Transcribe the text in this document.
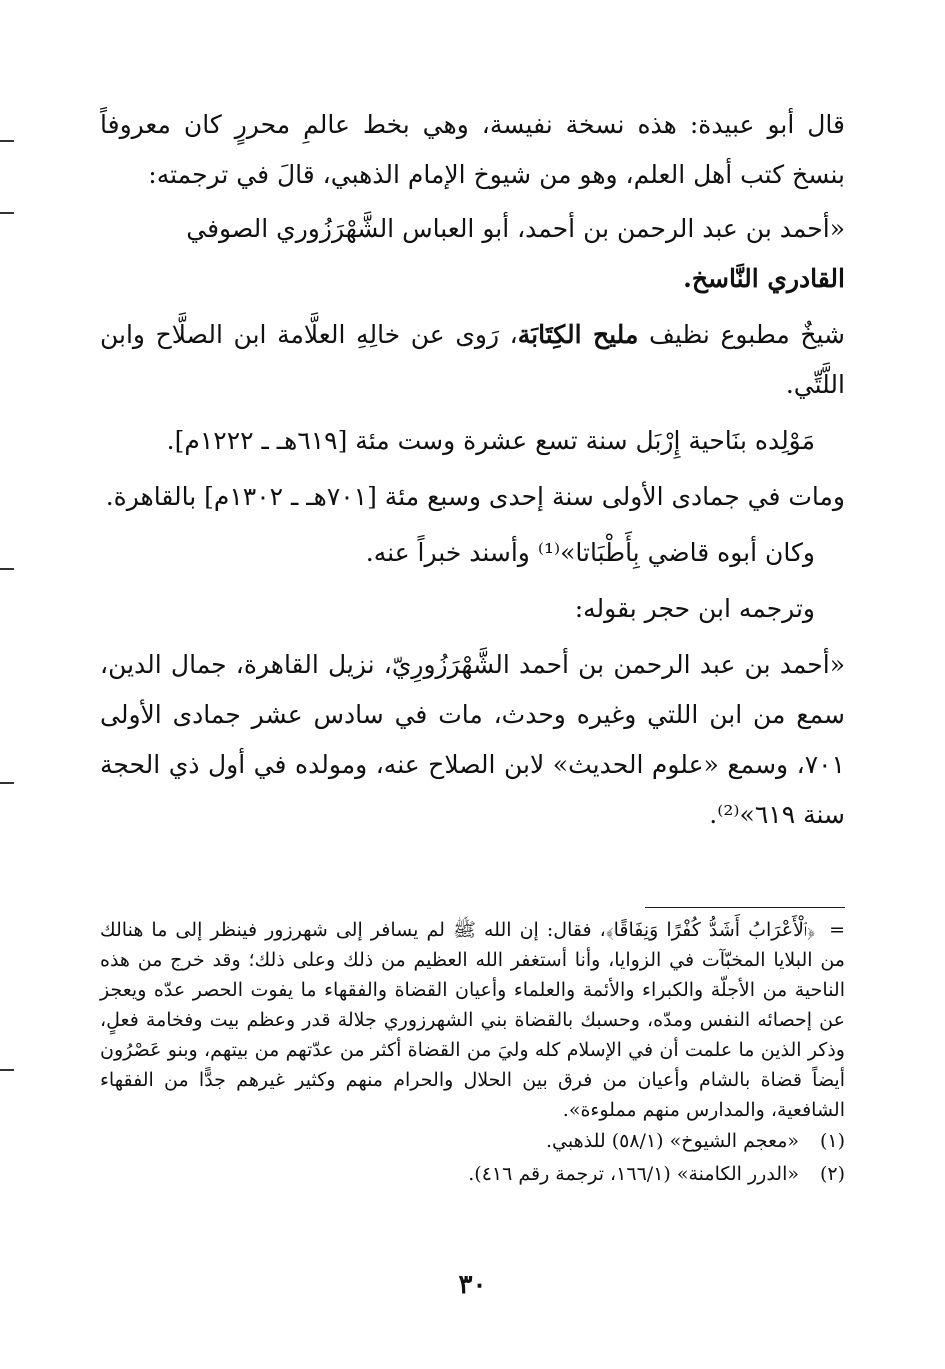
قال أبو عبيدة: هذه نسخة نفيسة، وهي بخط عالمِ محررٍ كان معروفاً بنسخ كتب أهل العلم، وهو من شيوخ الإمام الذهبي، قالَ في ترجمته:

«أحمد بن عبد الرحمن بن أحمد، أبو العباس الشَّهْرَزُوري الصوفي
القادري النَّاسخ.

شيخٌ مطبوع نظيف مليح الكِتَابَة، رَوى عن خالِهِ العلَّامة ابن الصلَّاح وابن اللَّتِّي.

مَوْلِده بنَاحية إِرْبَل سنة تسع عشرة وست مئة [٦١٩هـ ـ ١٢٢٢م].

ومات في جمادى الأولى سنة إحدى وسبع مئة [٧٠١هـ ـ ١٣٠٢م] بالقاهرة.

وكان أبوه قاضي بِأَطْبَاتا»⁽¹⁾ وأسند خبراً عنه.

وترجمه ابن حجر بقوله:

«أحمد بن عبد الرحمن بن أحمد الشَّهْرَزُورِيّ، نزيل القاهرة، جمال الدين، سمع من ابن اللتي وغيره وحدث، مات في سادس عشر جمادى الأولى ٧٠١، وسمع «علوم الحديث» لابن الصلاح عنه، ومولده في أول ذي الحجة سنة ٦١٩»⁽²⁾.

=﴿ٱلْأَعْرَابُ أَشَدُّ كُفْرًا وَنِفَاقًا﴾، فقال: إن الله ﷺ لم يسافر إلى شهرزور فينظر إلى ما هنالك من البلايا المخبّآت في الزوايا، وأنا أستغفر الله العظيم من ذلك وعلى ذلك؛ وقد خرج من هذه الناحية من الأجلّة والكبراء والأئمة والعلماء وأعيان القضاة والفقهاء ما يفوت الحصر عدّه ويعجز عن إحصائه النفس ومدّه، وحسبك بالقضاة بني الشهرزوري جلالة قدر وعظم بيت وفخامة فعلٍ، وذكر الذين ما علمت أن في الإسلام كله وليَ من القضاة أكثر من عدّتهم من بيتهم، وبنو عَصْرُون أيضاً قضاة بالشام وأعيان من فرق بين الحلال والحرام منهم وكثير غيرهم جدًّا من الفقهاء الشافعية، والمدارس منهم مملوءة».

(١)«معجم الشيوخ» (٥٨/١) للذهبي.

(٢)«الدرر الكامنة» (١٦٦/١، ترجمة رقم ٤١٦).

٣٠
